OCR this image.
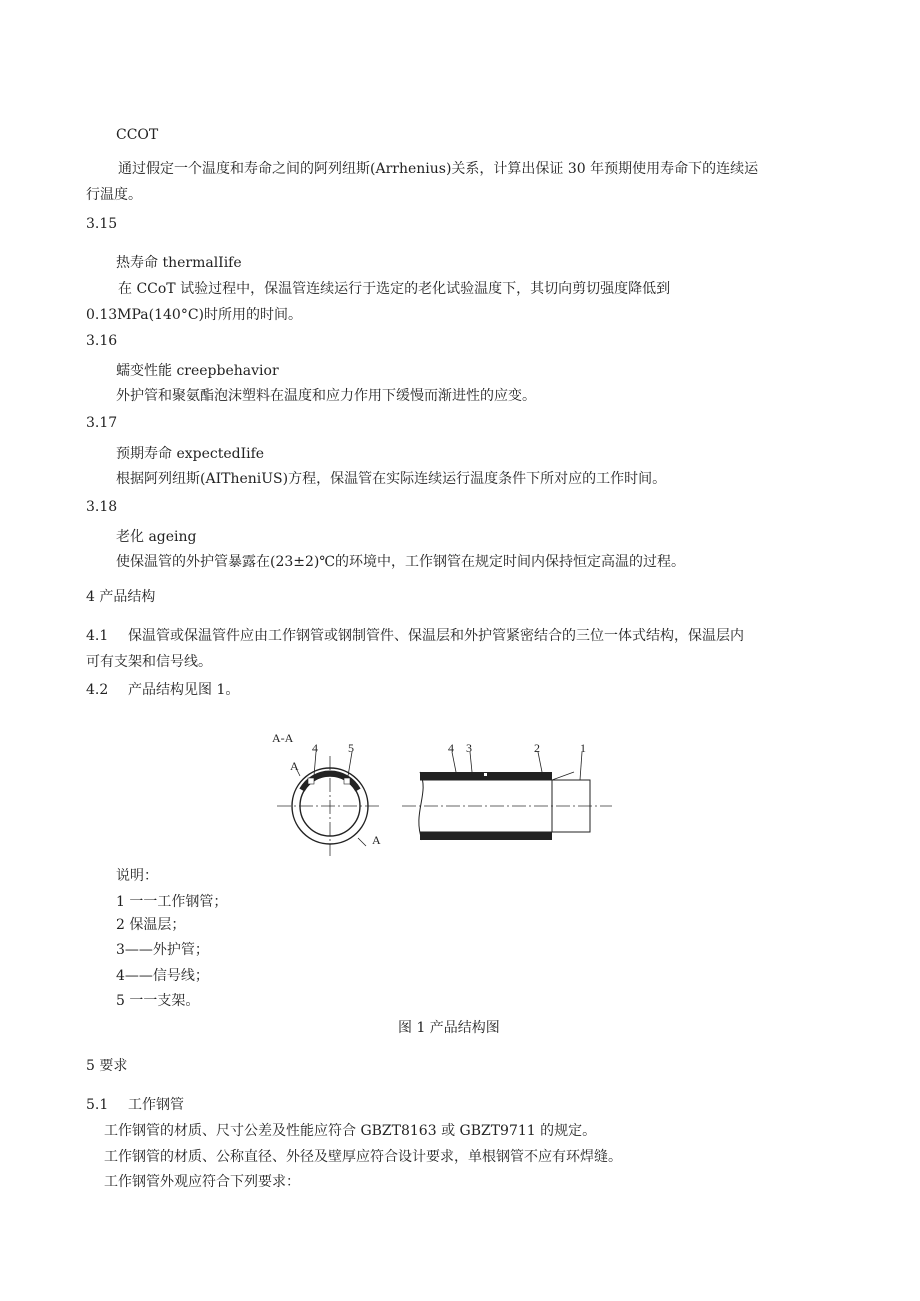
CCOT
通过假定一个温度和寿命之间的阿列纽斯(Arrhenius)关系，计算出保证 30 年预期使用寿命下的连续运
行温度。
3.15
热寿命 thermalIife
在 CCoT 试验过程中，保温管连续运行于选定的老化试验温度下，其切向剪切强度降低到
0.13MPa(140°C)时所用的时间。
3.16
蠕变性能 creepbehavior
外护管和聚氨酯泡沫塑料在温度和应力作用下缓慢而渐进性的应变。
3.17
预期寿命 expectedIife
根据阿列纽斯(AITheniUS)方程，保温管在实际连续运行温度条件下所对应的工作时间。
3.18
老化 ageing
使保温管的外护管暴露在(23±2)℃的环境中，工作钢管在规定时间内保持恒定高温的过程。
4 产品结构
4.1 保温管或保温管件应由工作钢管或钢制管件、保温层和外护管紧密结合的三位一体式结构，保温层内
可有支架和信号线。
4.2 产品结构见图 1。
A-A
4	5
A
A
4 3	2	1
说明：
1 一一工作钢管；
2 保温层；
3——外护管；
4——信号线；
5 一一支架。
图 1 产品结构图
5 要求
5.1 工作钢管
工作钢管的材质、尺寸公差及性能应符合 GBZT8163 或 GBZT9711 的规定。
工作钢管的材质、公称直径、外径及壁厚应符合设计要求，单根钢管不应有环焊缝。
工作钢管外观应符合下列要求：
